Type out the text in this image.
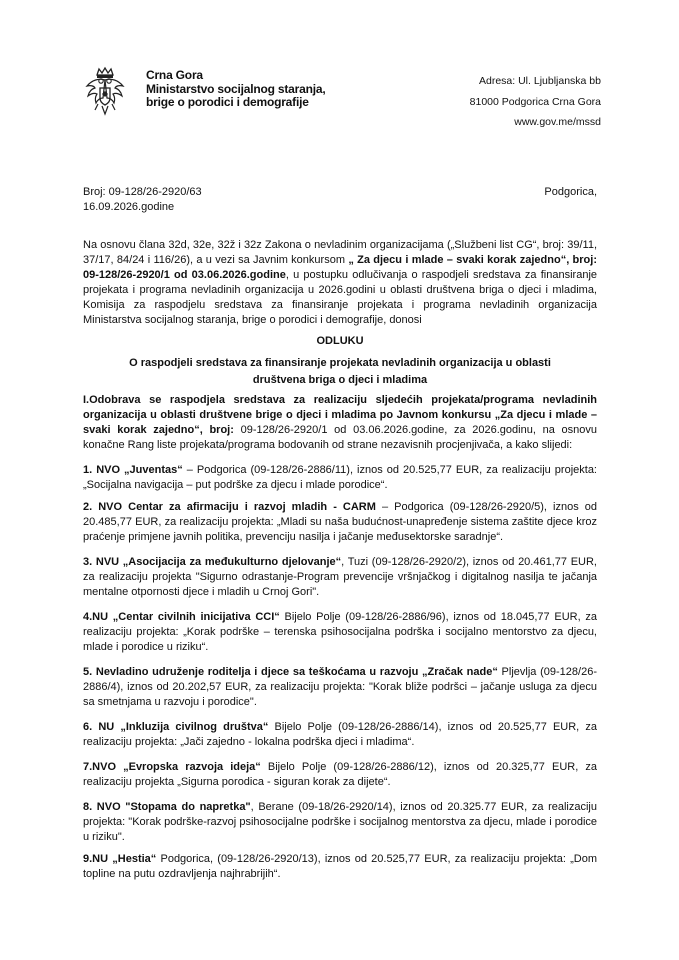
Crna Gora
Ministarstvo socijalnog staranja,
brige o porodici i demografije
Adresa: Ul. Ljubljanska bb
81000 Podgorica Crna Gora
www.gov.me/mssd
Broj: 09-128/26-2920/63
16.09.2026.godine
Podgorica,

Na osnovu člana 32d, 32e, 32ž i 32z Zakona o nevladinim organizacijama („Službeni list CG“, broj: 39/11, 37/17, 84/24 i 116/26), a u vezi sa Javnim konkursom „ Za djecu i mlade – svaki korak zajedno“, broj: 09-128/26-2920/1 od 03.06.2026.godine, u postupku odlučivanja o raspodjeli sredstava za finansiranje projekata i programa nevladinih organizacija u 2026.godini u oblasti društvena briga o djeci i mladima, Komisija za raspodjelu sredstava za finansiranje projekata i programa nevladinih organizacija Ministarstva socijalnog staranja, brige o porodici i demografije, donosi

ODLUKU
O raspodjeli sredstava za finansiranje projekata nevladinih organizacija u oblasti
društvena briga o djeci i mladima

I.Odobrava se raspodjela sredstava za realizaciju sljedećih projekata/programa nevladinih organizacija u oblasti društvene brige o djeci i mladima po Javnom konkursu „Za djecu i mlade – svaki korak zajedno“, broj: 09-128/26-2920/1 od 03.06.2026.godine, za 2026.godinu, na osnovu konačne Rang liste projekata/programa bodovanih od strane nezavisnih procjenjivača, a kako slijedi:

1. NVO „Juventas“ – Podgorica (09-128/26-2886/11), iznos od 20.525,77 EUR, za realizaciju projekta: „Socijalna navigacija – put podrške za djecu i mlade porodice“.

2. NVO Centar za afirmaciju i razvoj mladih - CARM – Podgorica (09-128/26-2920/5), iznos od 20.485,77 EUR, za realizaciju projekta: „Mladi su naša budućnost-unapređenje sistema zaštite djece kroz praćenje primjene javnih politika, prevenciju nasilja i jačanje međusektorske saradnje“.

3. NVU „Asocijacija za međukulturno djelovanje“, Tuzi (09-128/26-2920/2), iznos od 20.461,77 EUR, za realizaciju projekta "Sigurno odrastanje-Program prevencije vršnjačkog i digitalnog nasilja te jačanja mentalne otpornosti djece i mladih u Crnoj Gori".

4.NU „Centar civilnih inicijativa CCI“ Bijelo Polje (09-128/26-2886/96), iznos od 18.045,77 EUR, za realizaciju projekta: „Korak podrške – terenska psihosocijalna podrška i socijalno mentorstvo za djecu, mlade i porodice u riziku“.

5. Nevladino udruženje roditelja i djece sa teškoćama u razvoju „Zračak nade“ Pljevlja (09-128/26-2886/4), iznos od 20.202,57 EUR, za realizaciju projekta: "Korak bliže podršci – jačanje usluga za djecu sa smetnjama u razvoju i porodice".

6. NU „Inkluzija civilnog društva“ Bijelo Polje (09-128/26-2886/14), iznos od 20.525,77 EUR, za realizaciju projekta: „Jači zajedno - lokalna podrška djeci i mladima“.

7.NVO „Evropska razvoja ideja“ Bijelo Polje (09-128/26-2886/12), iznos od 20.325,77 EUR, za realizaciju projekta „Sigurna porodica - siguran korak za dijete“.

8. NVO "Stopama do napretka", Berane (09-18/26-2920/14), iznos od 20.325.77 EUR, za realizaciju projekta: "Korak podrške-razvoj psihosocijalne podrške i socijalnog mentorstva za djecu, mlade i porodice u riziku".

9.NU „Hestia“ Podgorica, (09-128/26-2920/13), iznos od 20.525,77 EUR, za realizaciju projekta: „Dom topline na putu ozdravljenja najhrabrijih“.
